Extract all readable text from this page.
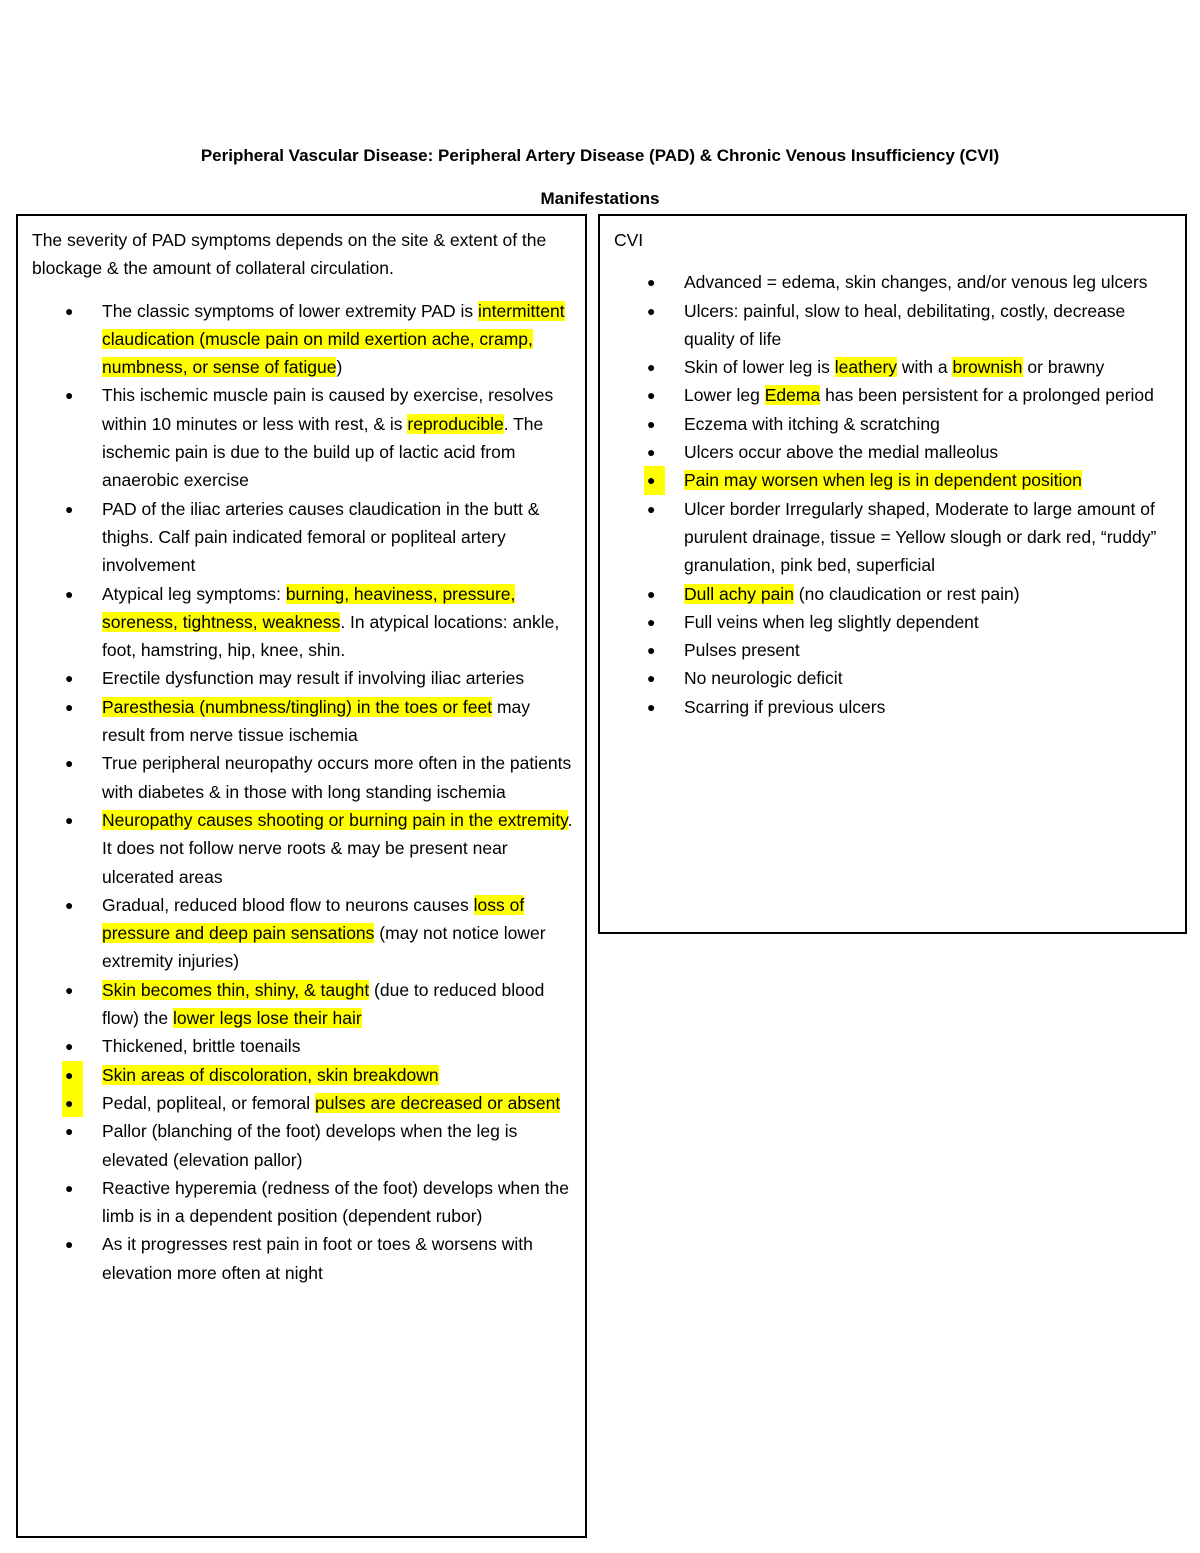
Peripheral Vascular Disease: Peripheral Artery Disease (PAD) & Chronic Venous Insufficiency (CVI)
Manifestations

The severity of PAD symptoms depends on the site & extent of the blockage & the amount of collateral circulation.

● The classic symptoms of lower extremity PAD is intermittent claudication (muscle pain on mild exertion ache, cramp, numbness, or sense of fatigue)
● This ischemic muscle pain is caused by exercise, resolves within 10 minutes or less with rest, & is reproducible. The ischemic pain is due to the build up of lactic acid from anaerobic exercise
● PAD of the iliac arteries causes claudication in the butt & thighs. Calf pain indicated femoral or popliteal artery involvement
● Atypical leg symptoms: burning, heaviness, pressure, soreness, tightness, weakness. In atypical locations: ankle, foot, hamstring, hip, knee, shin.
● Erectile dysfunction may result if involving iliac arteries
● Paresthesia (numbness/tingling) in the toes or feet may result from nerve tissue ischemia
● True peripheral neuropathy occurs more often in the patients with diabetes & in those with long standing ischemia
● Neuropathy causes shooting or burning pain in the extremity. It does not follow nerve roots & may be present near ulcerated areas
● Gradual, reduced blood flow to neurons causes loss of pressure and deep pain sensations (may not notice lower extremity injuries)
● Skin becomes thin, shiny, & taught (due to reduced blood flow) the lower legs lose their hair
● Thickened, brittle toenails
●	Skin areas of discoloration, skin breakdown
●	Pedal, popliteal, or femoral pulses are decreased or absent
● Pallor (blanching of the foot) develops when the leg is elevated (elevation pallor)
● Reactive hyperemia (redness of the foot) develops when the limb is in a dependent position (dependent rubor)
● As it progresses rest pain in foot or toes & worsens with elevation more often at night

CVI

● Advanced = edema, skin changes, and/or venous leg ulcers
● Ulcers: painful, slow to heal, debilitating, costly, decrease quality of life
● Skin of lower leg is leathery with a brownish or brawny
● Lower leg Edema has been persistent for a prolonged period
● Eczema with itching & scratching
● Ulcers occur above the medial malleolus
●	Pain may worsen when leg is in dependent position
● Ulcer border Irregularly shaped, Moderate to large amount of purulent drainage, tissue = Yellow slough or dark red, “ruddy” granulation, pink bed, superficial
● Dull achy pain (no claudication or rest pain)
● Full veins when leg slightly dependent
● Pulses present
● No neurologic deficit
● Scarring if previous ulcers
